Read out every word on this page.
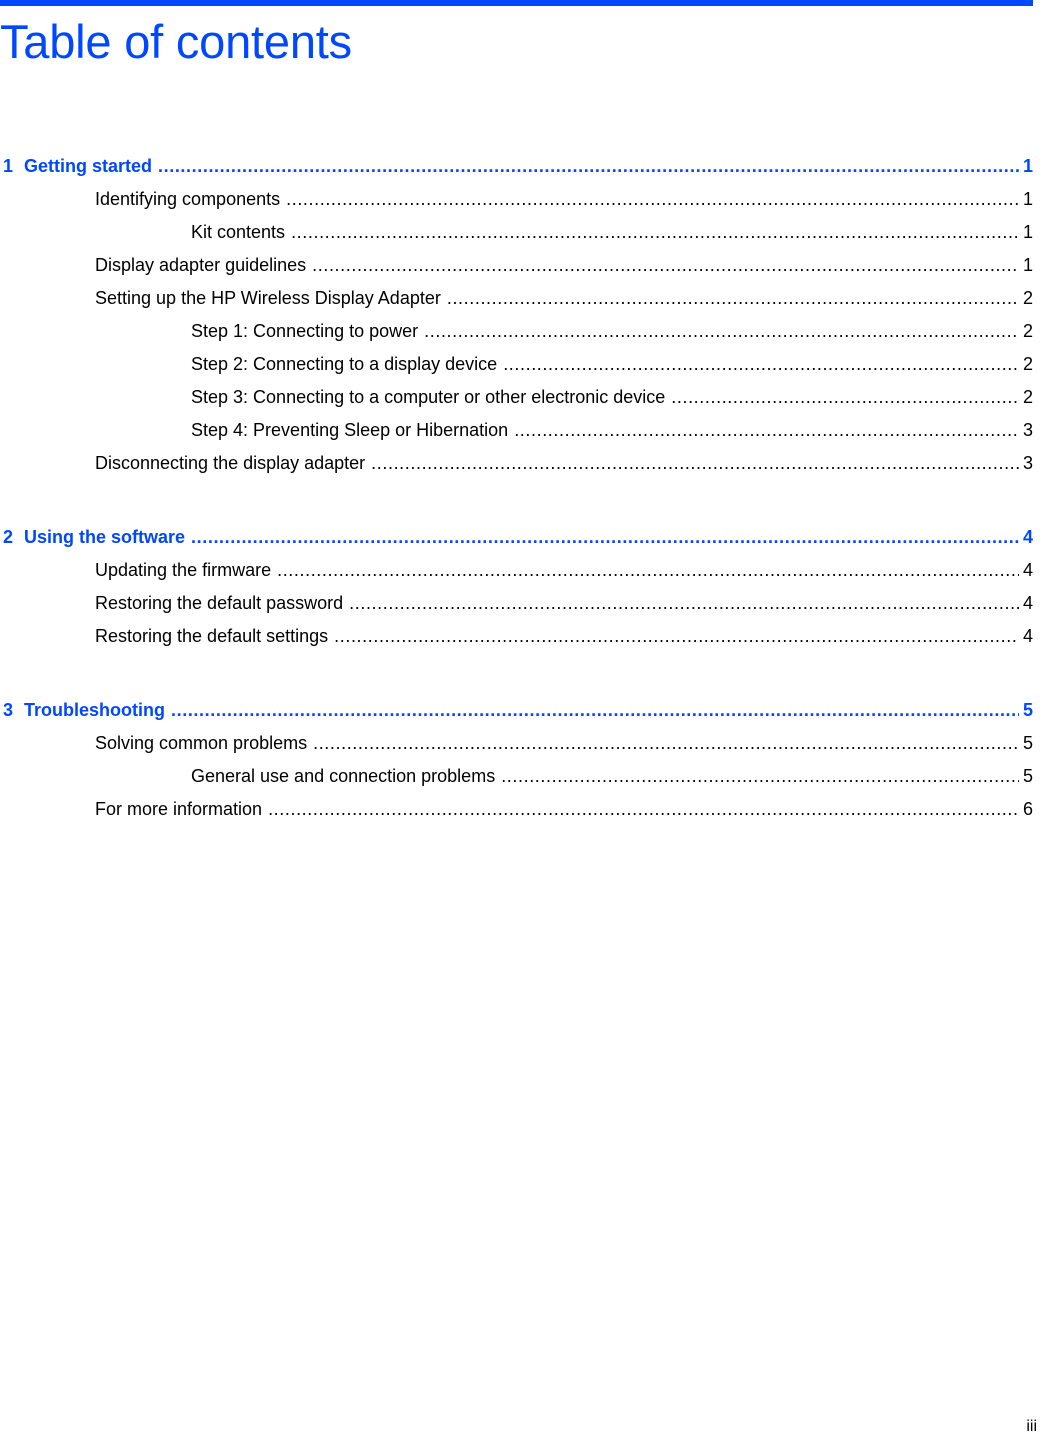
Table of contents
1 Getting started .....	1
Identifying components .....	1
Kit contents .....	1
Display adapter guidelines .....	1
Setting up the HP Wireless Display Adapter .....	2
Step 1: Connecting to power .....	2
Step 2: Connecting to a display device .....	2
Step 3: Connecting to a computer or other electronic device .....	2
Step 4: Preventing Sleep or Hibernation .....	3
Disconnecting the display adapter .....	3
2 Using the software .....	4
Updating the firmware .....	4
Restoring the default password .....	4
Restoring the default settings .....	4
3 Troubleshooting .....	5
Solving common problems .....	5
General use and connection problems .....	5
For more information .....	6
iii
